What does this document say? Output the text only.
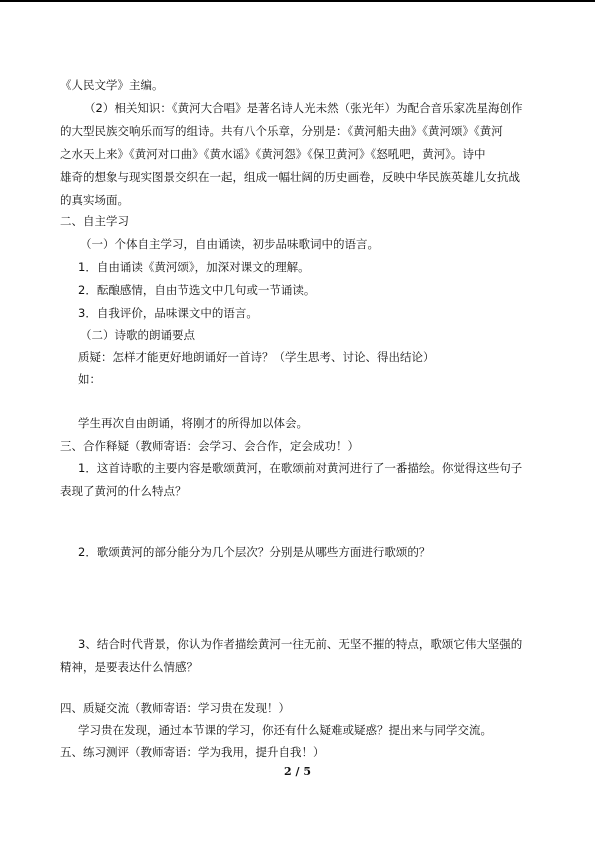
《人民文学》主编。
（2）相关知识：《黄河大合唱》是著名诗人光未然（张光年）为配合音乐家冼星海创作
的大型民族交响乐而写的组诗。共有八个乐章，分别是：《黄河船夫曲》《黄河颂》《黄河
之水天上来》《黄河对口曲》《黄水谣》《黄河怨》《保卫黄河》《怒吼吧，黄河》。诗中
雄奇的想象与现实图景交织在一起，组成一幅壮阔的历史画卷，反映中华民族英雄儿女抗战
的真实场面。
二、自主学习
（一）个体自主学习，自由诵读，初步品味歌词中的语言。
1．自由诵读《黄河颂》，加深对课文的理解。
2．酝酿感情，自由节选文中几句或一节诵读。
3．自我评价，品味课文中的语言。
（二）诗歌的朗诵要点
质疑：怎样才能更好地朗诵好一首诗？（学生思考、讨论、得出结论）
如：
学生再次自由朗诵，将刚才的所得加以体会。
三、合作释疑（教师寄语：会学习、会合作，定会成功！）
1．这首诗歌的主要内容是歌颂黄河，在歌颂前对黄河进行了一番描绘。你觉得这些句子
表现了黄河的什么特点？
2．歌颂黄河的部分能分为几个层次？分别是从哪些方面进行歌颂的？
3、结合时代背景，你认为作者描绘黄河一往无前、无坚不摧的特点，歌颂它伟大坚强的
精神，是要表达什么情感？
四、质疑交流（教师寄语：学习贵在发现！）
学习贵在发现，通过本节课的学习，你还有什么疑难或疑惑？提出来与同学交流。
五、练习测评（教师寄语：学为我用，提升自我！）
2 / 5
